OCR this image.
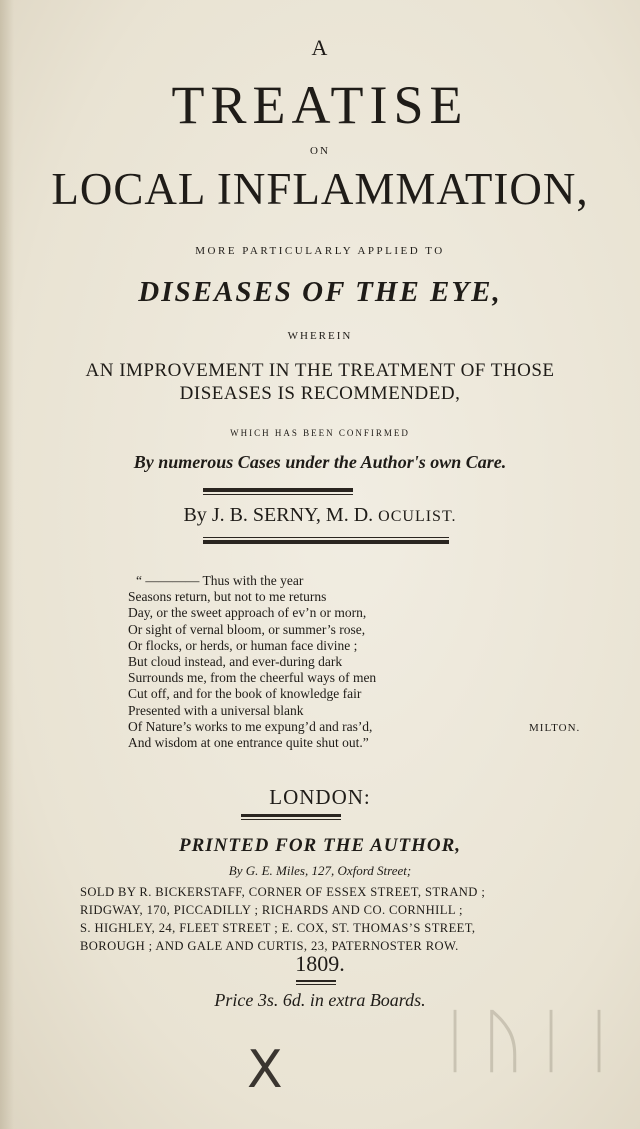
A
TREATISE
ON
LOCAL INFLAMMATION,
MORE PARTICULARLY APPLIED TO
DISEASES OF THE EYE,
WHEREIN
AN IMPROVEMENT IN THE TREATMENT OF THOSE
DISEASES IS RECOMMENDED,
WHICH HAS BEEN CONFIRMED
By numerous Cases under the Author's own Care.
By J. B. SERNY, M. D. OCULIST.
“ ———— Thus with the year
Seasons return, but not to me returns
Day, or the sweet approach of ev’n or morn,
Or sight of vernal bloom, or summer’s rose,
Or flocks, or herds, or human face divine ;
But cloud instead, and ever-during dark
Surrounds me, from the cheerful ways of men
Cut off, and for the book of knowledge fair
Presented with a universal blank
Of Nature’s works to me expung’d and ras’d,
And wisdom at one entrance quite shut out.”
MILTON.
LONDON:
PRINTED FOR THE AUTHOR,
By G. E. Miles, 127, Oxford Street;
SOLD BY R. BICKERSTAFF, CORNER OF ESSEX STREET, STRAND ;
RIDGWAY, 170, PICCADILLY ; RICHARDS AND CO. CORNHILL ;
S. HIGHLEY, 24, FLEET STREET ; E. COX, ST. THOMAS’S STREET,
BOROUGH ; AND GALE AND CURTIS, 23, PATERNOSTER ROW.
1809.
Price 3s. 6d. in extra Boards.
X ᛁᚢᛁᛁ
